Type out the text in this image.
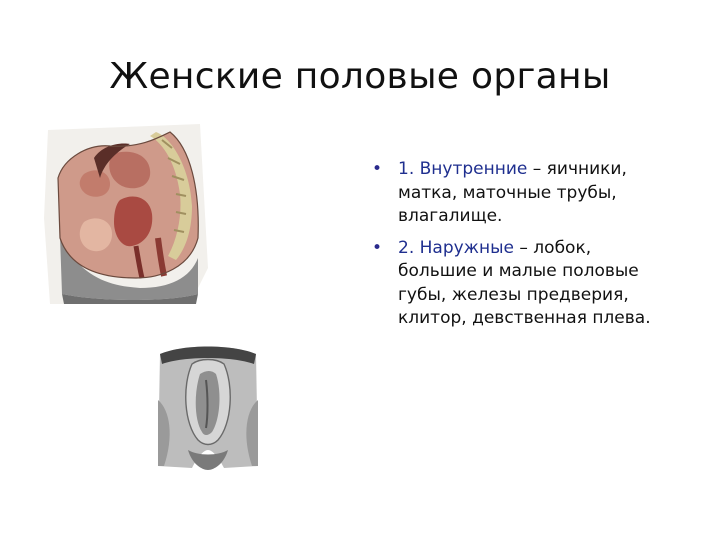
Женские половые органы
• 1. Внутренние – яичники, матка, маточные трубы, влагалище.
• 2. Наружные – лобок, большие и малые половые губы, железы предверия, клитор, девственная плева.
